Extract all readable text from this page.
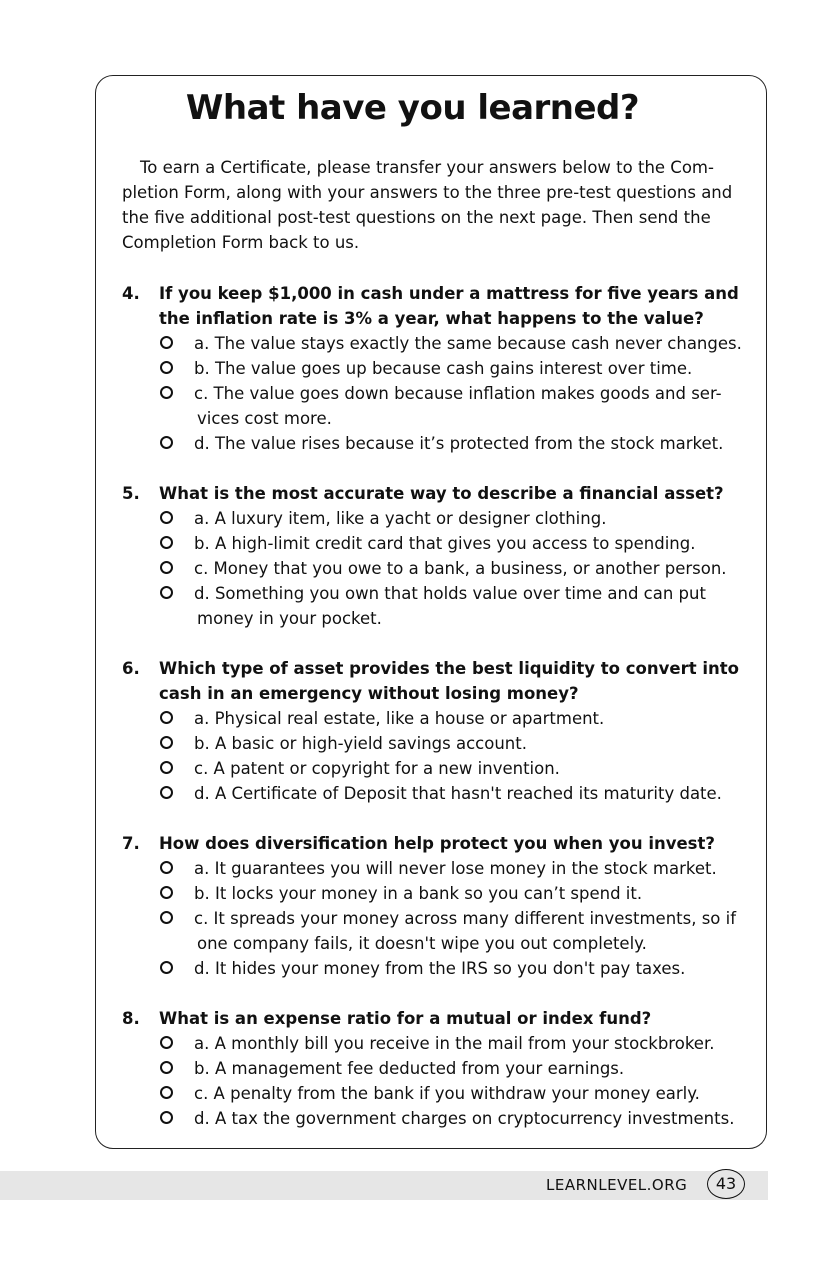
What have you learned?
To earn a Certificate, please transfer your answers below to the Com-
pletion Form, along with your answers to the three pre-test questions and
the five additional post-test questions on the next page. Then send the
Completion Form back to us.
4.	If you keep $1,000 in cash under a mattress for five years and
the inflation rate is 3% a year, what happens to the value?
a. The value stays exactly the same because cash never changes.
b. The value goes up because cash gains interest over time.
c. The value goes down because inflation makes goods and ser-
vices cost more.
d. The value rises because it’s protected from the stock market.
5.	What is the most accurate way to describe a financial asset?
a. A luxury item, like a yacht or designer clothing.
b. A high-limit credit card that gives you access to spending.
c. Money that you owe to a bank, a business, or another person.
d. Something you own that holds value over time and can put
money in your pocket.
6.	Which type of asset provides the best liquidity to convert into
cash in an emergency without losing money?
a. Physical real estate, like a house or apartment.
b. A basic or high-yield savings account.
c. A patent or copyright for a new invention.
d. A Certificate of Deposit that hasn't reached its maturity date.
7.	How does diversification help protect you when you invest?
a. It guarantees you will never lose money in the stock market.
b. It locks your money in a bank so you can’t spend it.
c. It spreads your money across many different investments, so if
one company fails, it doesn't wipe you out completely.
d. It hides your money from the IRS so you don't pay taxes.
8.	What is an expense ratio for a mutual or index fund?
a. A monthly bill you receive in the mail from your stockbroker.
b. A management fee deducted from your earnings.
c. A penalty from the bank if you withdraw your money early.
d. A tax the government charges on cryptocurrency investments.
LEARNLEVEL.ORG	43
